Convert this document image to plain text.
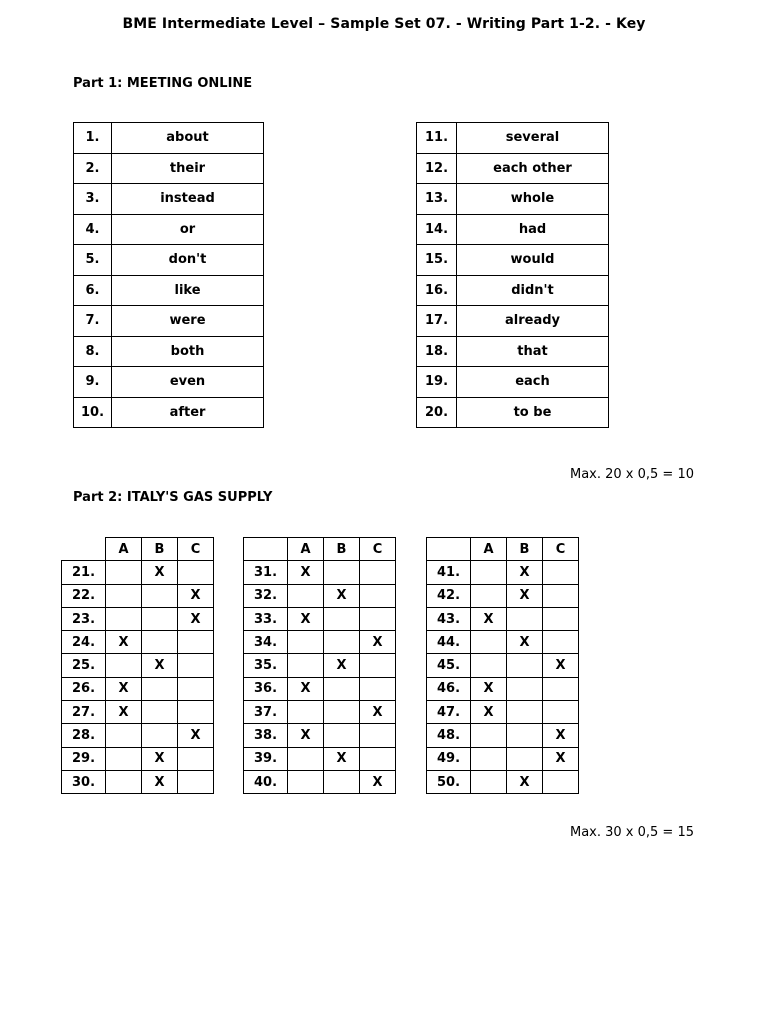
BME Intermediate Level – Sample Set 07. - Writing Part 1-2. - Key
Part 1: MEETING ONLINE
1.	about
2.	their
3.	instead
4.	or
5.	don't
6.	like
7.	were
8.	both
9.	even
10.	after
11.	several
12.	each other
13.	whole
14.	had
15.	would
16.	didn't
17.	already
18.	that
19.	each
20.	to be
Max. 20 x 0,5 = 10
Part 2: ITALY'S GAS SUPPLY
	A	B	C
21.		X	
22.			X
23.			X
24.	X		
25.		X	
26.	X		
27.	X		
28.			X
29.		X	
30.		X	
	A	B	C
31.	X		
32.		X	
33.	X		
34.			X
35.		X	
36.	X		
37.			X
38.	X		
39.		X	
40.			X
	A	B	C
41.		X	
42.		X	
43.	X		
44.		X	
45.			X
46.	X		
47.	X		
48.			X
49.			X
50.		X	
Max. 30 x 0,5 = 15
